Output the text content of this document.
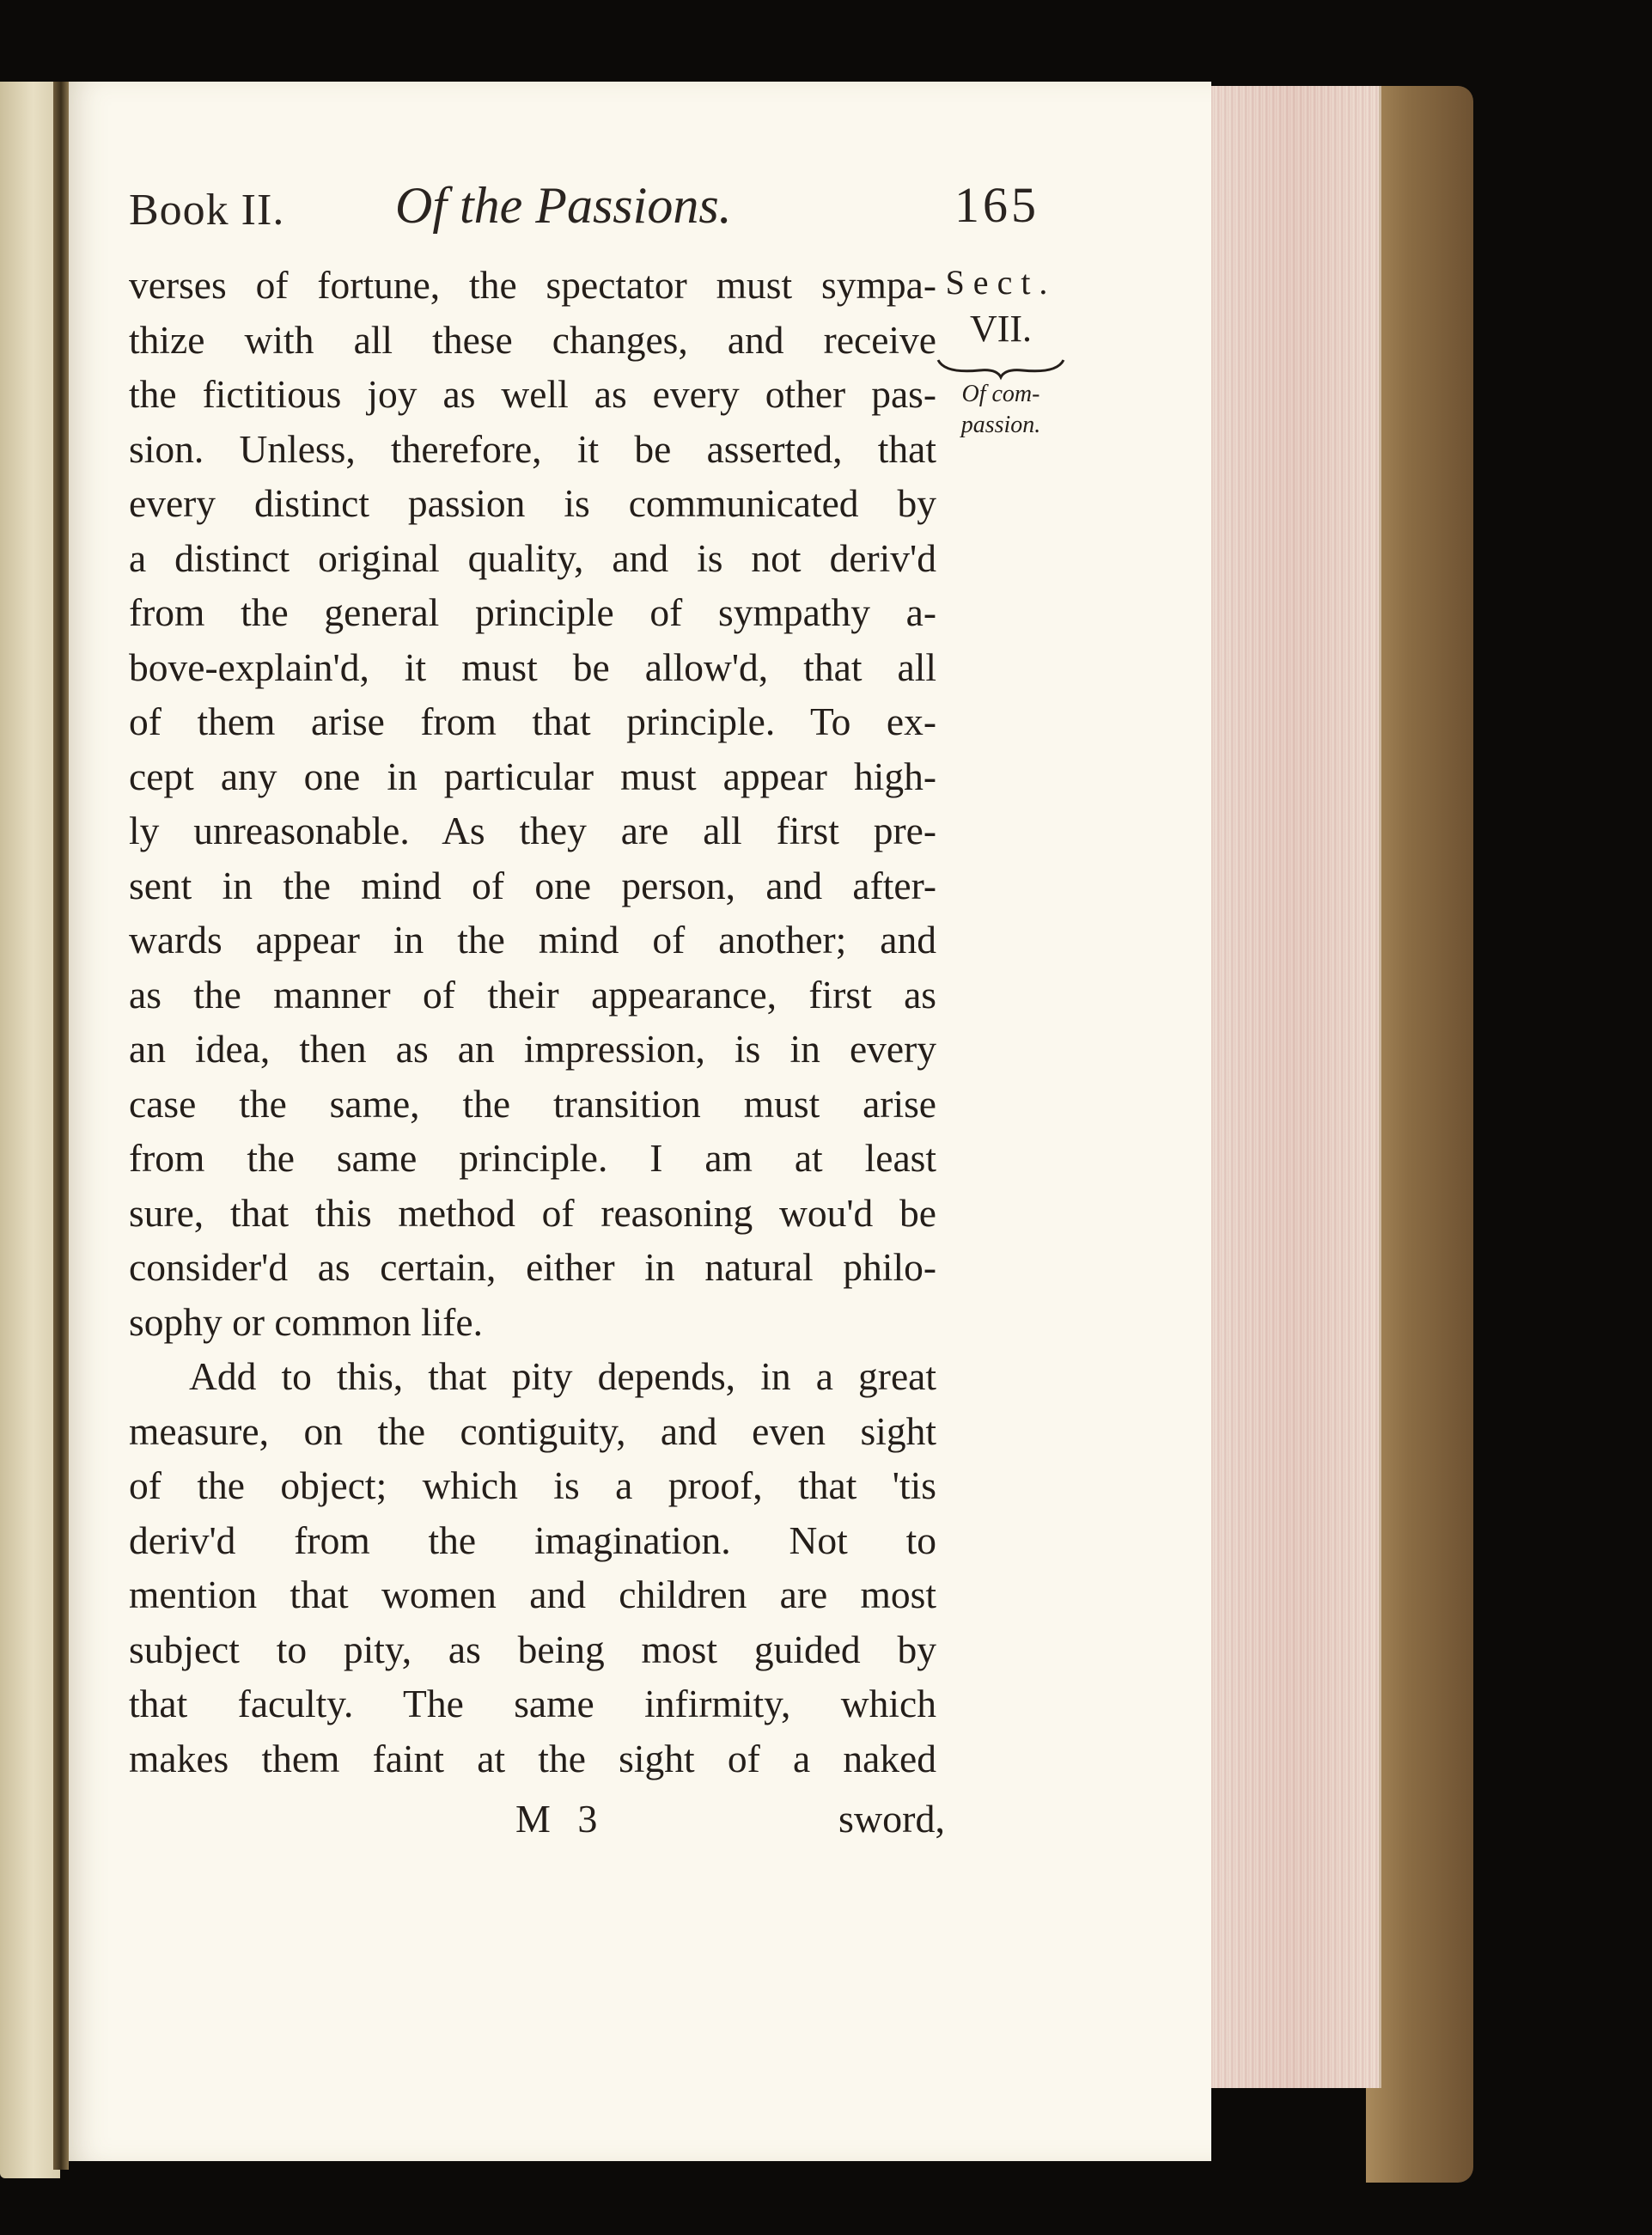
Book II. Of the Passions.	165
Sect.
VII.
Of com-
passion.
verses of fortune, the spectator must sympa-
thize with all these changes, and receive
the fictitious joy as well as every other pas-
sion. Unless, therefore, it be asserted, that
every distinct passion is communicated by
a distinct original quality, and is not deriv'd
from the general principle of sympathy a-
bove-explain'd, it must be allow'd, that all
of them arise from that principle. To ex-
cept any one in particular must appear high-
ly unreasonable. As they are all first pre-
sent in the mind of one person, and after-
wards appear in the mind of another; and
as the manner of their appearance, first as
an idea, then as an impression, is in every
case the same, the transition must arise
from the same principle. I am at least
sure, that this method of reasoning wou'd be
consider'd as certain, either in natural philo-
sophy or common life.
Add to this, that pity depends, in a great
measure, on the contiguity, and even sight
of the object; which is a proof, that 'tis
deriv'd from the imagination. Not to
mention that women and children are most
subject to pity, as being most guided by
that faculty. The same infirmity, which
makes them faint at the sight of a naked
M 3	sword,
